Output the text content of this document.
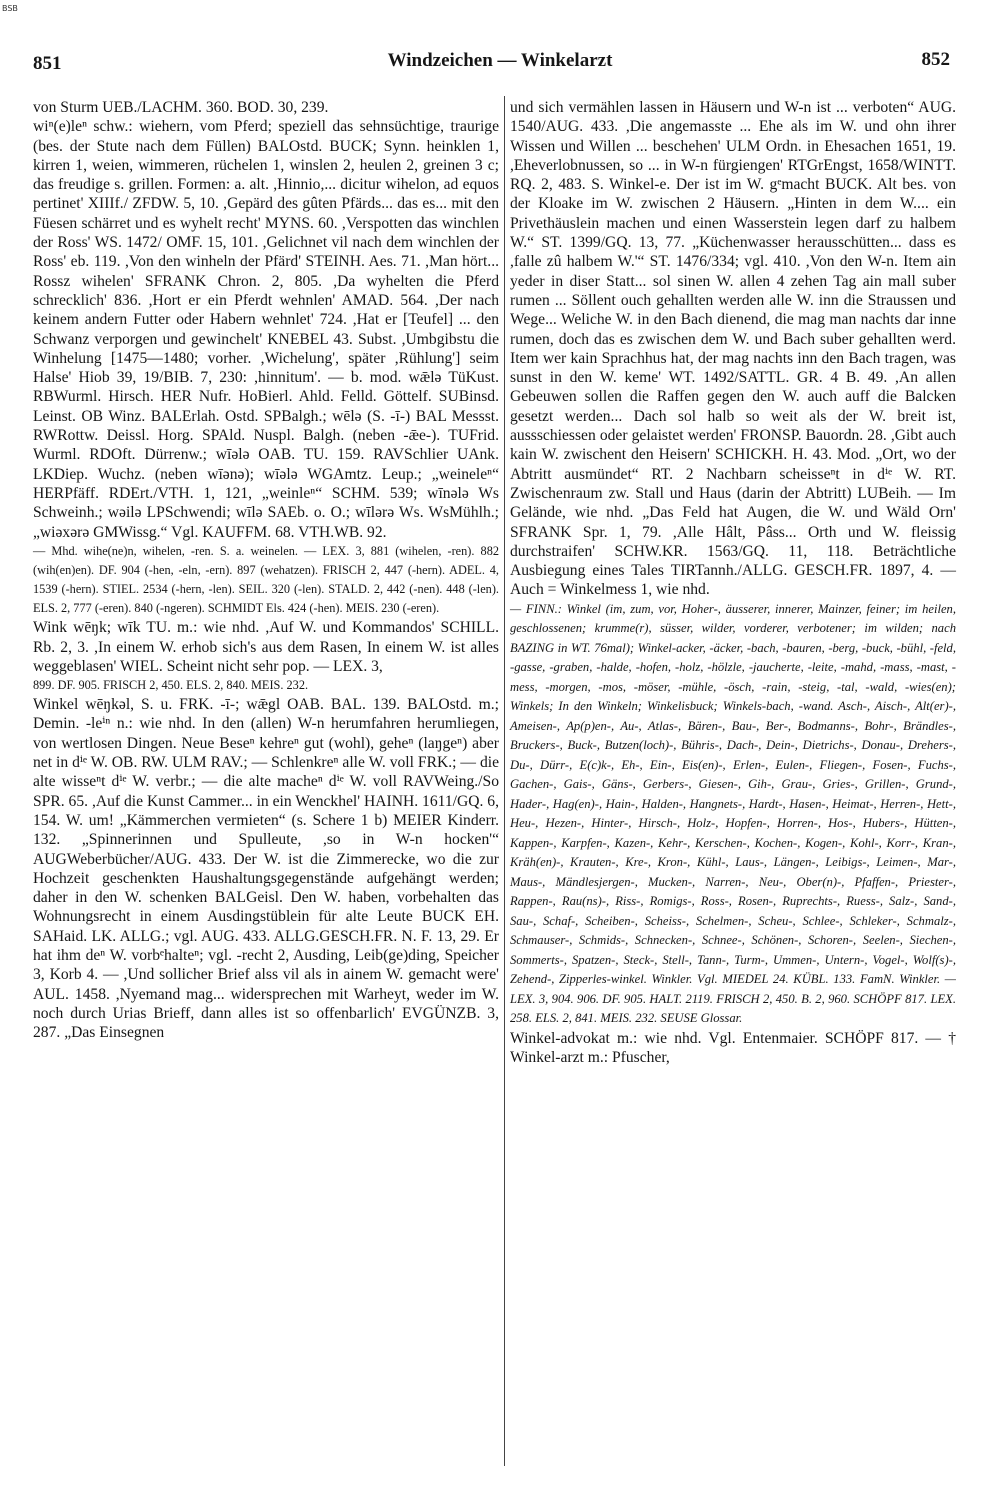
BSB
851	Windzeichen — Winkelarzt	852

von Sturm UEB./LACHM. 360. BOD. 30, 239.

wiⁿ(e)leⁿ schw.: wiehern, vom Pferd; speziell das sehnsüchtige, traurige (bes. der Stute nach dem Füllen) BALOstd. BUCK; Synn. heinklen 1, kirren 1, weien, wimmeren, rüchelen 1, winslen 2, heulen 2, greinen 3 c; das freudige s. grillen. Formen: a. alt. ,Hinnio,... dicitur wihelon, ad equos pertinet' XIIIf./ ZFDW. 5, 10. ,Gepärd des gûten Pfärds... das es... mit den Füesen schärret und es wyhelt recht' MYNS. 60. ,Verspotten das winchlen der Ross' WS. 1472/ OMF. 15, 101. ,Gelichnet vil nach dem winchlen der Ross' eb. 119. ,Von den winheln der Pfärd' STEINH. Aes. 71. ,Man hört... Rossz wihelen' SFRANK Chron. 2, 805. ,Da wyhelten die Pferd schrecklich' 836. ,Hort er ein Pferdt wehnlen' AMAD. 564. ,Der nach keinem andern Futter oder Habern wehnlet' 724. ,Hat er [Teufel] ... den Schwanz verporgen und gewinchelt' KNEBEL 43. Subst. ,Umbgibstu die Winhelung [1475—1480; vorher. ,Wichelung', später ,Rühlung'] seim Halse' Hiob 39, 19/BIB. 7, 230: ,hinnitum'. — b. mod. wǣlə TüKust. RBWurml. Hirsch. HER Nufr. HoBierl. Ahld. Felld. Göttelf. SUBinsd. Leinst. OB Winz. BALErlah. Ostd. SPBalgh.; wēlə (S. -ī-) BAL Messst. RWRottw. Deissl. Horg. SPAld. Nuspl. Balgh. (neben -ǣe-). TUFrid. Wurml. RDOft. Dürrenw.; wīələ OAB. TU. 159. RAVSchlier UAnk. LKDiep. Wuchz. (neben wīənə); wīələ WGAmtz. Leup.; „weineleⁿ“ HERPfäff. RDErt./VTH. 1, 121, „weinleⁿ“ SCHM. 539; wīnələ Ws Schweinh.; wəilə LPSchwendi; wīlə SAEb. o. O.; wīlərə Ws. WsMühlh.; „wiəxərə GMWissg.“ Vgl. KAUFFM. 68. VTH.WB. 92.

— Mhd. wihe(ne)n, wihelen, -ren. S. a. weinelen. — LEX. 3, 881 (wihelen, -ren). 882 (wih(en)en). DF. 904 (-hen, -eln, -ern). 897 (wehatzen). FRISCH 2, 447 (-hern). ADEL. 4, 1539 (-hern). STIEL. 2534 (-hern, -len). SEIL. 320 (-len). STALD. 2, 442 (-nen). 448 (-len). ELS. 2, 777 (-eren). 840 (-ngeren). SCHMIDT Els. 424 (-hen). MEIS. 230 (-eren).

Wink wēŋk; wīk TU. m.: wie nhd. ,Auf W. und Kommandos' SCHILL. Rb. 2, 3. ,In einem W. erhob sich's aus dem Rasen, In einem W. ist alles weggeblasen' WIEL. Scheint nicht sehr pop. — LEX. 3,

899. DF. 905. FRISCH 2, 450. ELS. 2, 840. MEIS. 232.

Winkel wēŋkəl, S. u. FRK. -ī-; wǣgl OAB. BAL. 139. BALOstd. m.; Demin. -leⁱⁿ n.: wie nhd. In den (allen) W-n herumfahren herumliegen, von wertlosen Dingen. Neue Beseⁿ kehreⁿ gut (wohl), geheⁿ (laŋgeⁿ) aber net in dⁱᵉ W. OB. RW. ULM RAV.; — Schlenkreⁿ alle W. voll FRK.; — die alte wisseⁿt dⁱᵉ W. verbr.; — die alte macheⁿ dⁱᵉ W. voll RAVWeing./So SPR. 65. ,Auf die Kunst Cammer... in ein Wenckhel' HAINH. 1611/GQ. 6, 154. W. um! „Kämmerchen vermieten“ (s. Schere 1 b) MEIER Kinderr. 132. „Spinnerinnen und Spulleute, ,so in W-n hocken'“ AUGWeberbücher/AUG. 433. Der W. ist die Zimmerecke, wo die zur Hochzeit geschenkten Haushaltungsgegenstände aufgehängt werden; daher in den W. schenken BALGeisl. Den W. haben, vorbehalten das Wohnungsrecht in einem Ausdingstüblein für alte Leute BUCK EH. SAHaid. LK. ALLG.; vgl. AUG. 433. ALLG.GESCH.FR. N. F. 13, 29. Er hat ihm deⁿ W. vorbᵉhalteⁿ; vgl. -recht 2, Ausding, Leib(ge)ding, Speicher 3, Korb 4. — ,Und sollicher Brief alss vil als in ainem W. gemacht were' AUL. 1458. ,Nyemand mag... widersprechen mit Warheyt, weder im W. noch durch Urias Brieff, dann alles ist so offenbarlich' EVGÜNZB. 3, 287. „Das Einsegnen

und sich vermählen lassen in Häusern und W-n ist ... verboten“ AUG. 1540/AUG. 433. ,Die angemasste ... Ehe als im W. und ohn ihrer Wissen und Willen ... beschehen' ULM Ordn. in Ehesachen 1651, 19. ,Eheverlobnussen, so ... in W-n fürgiengen' RTGrEngst, 1658/WINTT. RQ. 2, 483. S. Winkel-e. Der ist im W. gᵉmacht BUCK. Alt bes. von der Kloake im W. zwischen 2 Häusern. „Hinten in dem W.... ein Privethäuslein machen und einen Wasserstein legen darf zu halbem W.“ ST. 1399/GQ. 13, 77. „Küchenwasser herausschütten... dass es ,falle zû halbem W.'“ ST. 1476/334; vgl. 410. ,Von den W-n. Item ain yeder in diser Statt... sol sinen W. allen 4 zehen Tag ain mall suber rumen ... Söllent ouch gehallten werden alle W. inn die Straussen und Wege... Weliche W. in den Bach dienend, die mag man nachts dar inne rumen, doch das es zwischen dem W. und Bach suber gehallten werd. Item wer kain Sprachhus hat, der mag nachts inn den Bach tragen, was sunst in den W. keme' WT. 1492/SATTL. GR. 4 B. 49. ,An allen Gebeuwen sollen die Raffen gegen den W. auch auff die Balcken gesetzt werden... Dach sol halb so weit als der W. breit ist, aussschiessen oder gelaistet werden' FRONSP. Bauordn. 28. ,Gibt auch kain W. zwischent den Heisern' SCHICKH. H. 43. Mod. „Ort, wo der Abtritt ausmündet“ RT. 2 Nachbarn scheisseⁿt in dⁱᵉ W. RT. Zwischenraum zw. Stall und Haus (darin der Abtritt) LUBeih. — Im Gelände, wie nhd. „Das Feld hat Augen, die W. und Wäld Orn' SFRANK Spr. 1, 79. ,Alle Hâlt, Pâss... Orth und W. fleissig durchstraifen' SCHW.KR. 1563/GQ. 11, 118. Beträchtliche Ausbiegung eines Tales TIRTannh./ALLG. GESCH.FR. 1897, 4. — Auch = Winkelmess 1, wie nhd.

— FINN.: Winkel (im, zum, vor, Hoher-, äusserer, innerer, Mainzer, feiner; im heilen, geschlossenen; krumme(r), süsser, wilder, vorderer, verbotener; im wilden; nach BAZING in WT. 76mal); Winkel-acker, -äcker, -bach, -bauren, -berg, -buck, -bühl, -feld, -gasse, -graben, -halde, -hofen, -holz, -hölzle, -jaucherte, -leite, -mahd, -mass, -mast, -mess, -morgen, -mos, -möser, -mühle, -ösch, -rain, -steig, -tal, -wald, -wies(en); Winkels; In den Winkeln; Winkelisbuck; Winkels-bach, -wand. Asch-, Aisch-, Alt(er)-, Ameisen-, Ap(p)en-, Au-, Atlas-, Bären-, Bau-, Ber-, Bodmanns-, Bohr-, Brändles-, Bruckers-, Buck-, Butzen(loch)-, Bühris-, Dach-, Dein-, Dietrichs-, Donau-, Drehers-, Du-, Dürr-, E(c)k-, Eh-, Ein-, Eis(en)-, Erlen-, Eulen-, Fliegen-, Fosen-, Fuchs-, Gachen-, Gais-, Gäns-, Gerbers-, Giesen-, Gih-, Grau-, Gries-, Grillen-, Grund-, Hader-, Hag(en)-, Hain-, Halden-, Hangnets-, Hardt-, Hasen-, Heimat-, Herren-, Hett-, Heu-, Hezen-, Hinter-, Hirsch-, Holz-, Hopfen-, Horren-, Hos-, Hubers-, Hütten-, Kappen-, Karpfen-, Kazen-, Kehr-, Kerschen-, Kochen-, Kogen-, Kohl-, Korr-, Kran-, Kräh(en)-, Krauten-, Kre-, Kron-, Kühl-, Laus-, Längen-, Leibigs-, Leimen-, Mar-, Maus-, Mändlesjergen-, Mucken-, Narren-, Neu-, Ober(n)-, Pfaffen-, Priester-, Rappen-, Rau(ns)-, Riss-, Romigs-, Ross-, Rosen-, Ruprechts-, Ruess-, Salz-, Sand-, Sau-, Schaf-, Scheiben-, Scheiss-, Schelmen-, Scheu-, Schlee-, Schleker-, Schmalz-, Schmauser-, Schmids-, Schnecken-, Schnee-, Schönen-, Schoren-, Seelen-, Siechen-, Sommerts-, Spatzen-, Steck-, Stell-, Tann-, Turm-, Ummen-, Untern-, Vogel-, Wolf(s)-, Zehend-, Zipperles-winkel. Winkler. Vgl. MIEDEL 24. KÜBL. 133. FamN. Winkler. — LEX. 3, 904. 906. DF. 905. HALT. 2119. FRISCH 2, 450. B. 2, 960. SCHÖPF 817. LEX. 258. ELS. 2, 841. MEIS. 232. SEUSE Glossar.

Winkel-advokat m.: wie nhd. Vgl. Entenmaier. SCHÖPF 817. — † Winkel-arzt m.: Pfuscher,
